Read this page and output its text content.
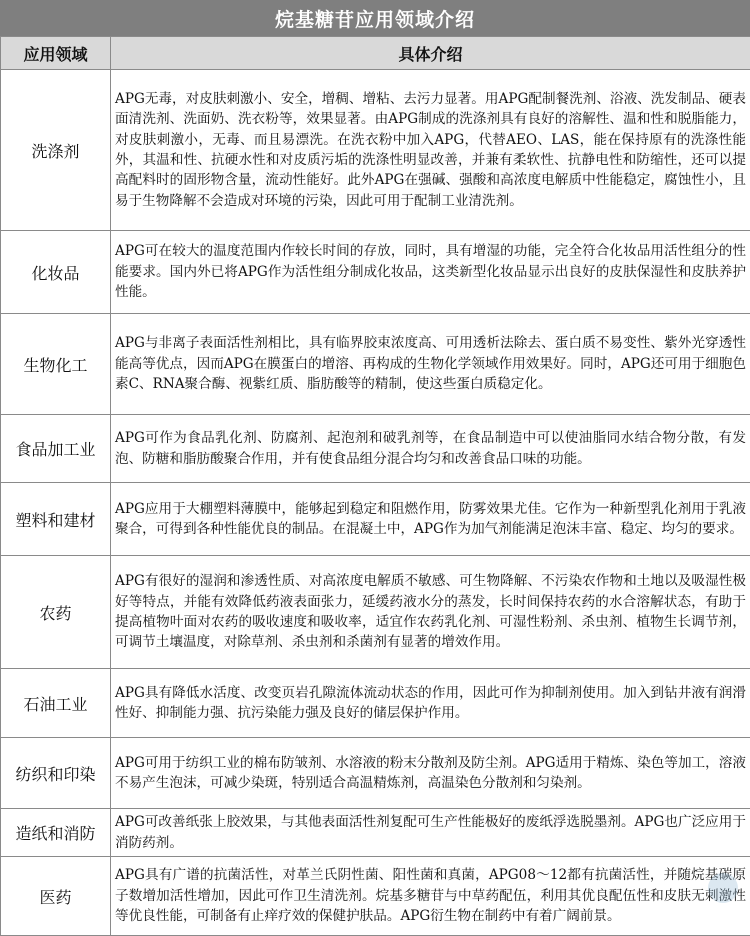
烷基糖苷应用领域介绍
应用领域	具体介绍
洗涤剂	APG无毒，对皮肤刺激小、安全，增稠、增粘、去污力显著。用APG配制餐洗剂、浴液、洗发制品、硬表面清洗剂、洗面奶、洗衣粉等，效果显著。由APG制成的洗涤剂具有良好的溶解性、温和性和脱脂能力，对皮肤刺激小，无毒、而且易漂洗。在洗衣粉中加入APG，代替AEO、LAS，能在保持原有的洗涤性能外，其温和性、抗硬水性和对皮质污垢的洗涤性明显改善，并兼有柔软性、抗静电性和防缩性，还可以提高配料时的固形物含量，流动性能好。此外APG在强碱、强酸和高浓度电解质中性能稳定，腐蚀性小，且易于生物降解不会造成对环境的污染，因此可用于配制工业清洗剂。
化妆品	APG可在较大的温度范围内作较长时间的存放，同时，具有增湿的功能，完全符合化妆品用活性组分的性能要求。国内外已将APG作为活性组分制成化妆品，这类新型化妆品显示出良好的皮肤保湿性和皮肤养护性能。
生物化工	APG与非离子表面活性剂相比，具有临界胶束浓度高、可用透析法除去、蛋白质不易变性、紫外光穿透性能高等优点，因而APG在膜蛋白的增溶、再构成的生物化学领域作用效果好。同时，APG还可用于细胞色素C、RNA聚合酶、视紫红质、脂肪酸等的精制，使这些蛋白质稳定化。
食品加工业	APG可作为食品乳化剂、防腐剂、起泡剂和破乳剂等，在食品制造中可以使油脂同水结合物分散，有发泡、防糖和脂肪酸聚合作用，并有使食品组分混合均匀和改善食品口味的功能。
塑料和建材	APG应用于大棚塑料薄膜中，能够起到稳定和阻燃作用，防雾效果尤佳。它作为一种新型乳化剂用于乳液聚合，可得到各种性能优良的制品。在混凝土中，APG作为加气剂能满足泡沫丰富、稳定、均匀的要求。
农药	APG有很好的湿润和渗透性质、对高浓度电解质不敏感、可生物降解、不污染农作物和土地以及吸湿性极好等特点，并能有效降低药液表面张力，延缓药液水分的蒸发，长时间保持农药的水合溶解状态，有助于提高植物叶面对农药的吸收速度和吸收率，适宜作农药乳化剂、可湿性粉剂、杀虫剂、植物生长调节剂，可调节土壤温度，对除草剂、杀虫剂和杀菌剂有显著的增效作用。
石油工业	APG具有降低水活度、改变页岩孔隙流体流动状态的作用，因此可作为抑制剂使用。加入到钻井液有润滑性好、抑制能力强、抗污染能力强及良好的储层保护作用。
纺织和印染	APG可用于纺织工业的棉布防皱剂、水溶液的粉末分散剂及防尘剂。APG适用于精炼、染色等加工，溶液不易产生泡沫，可减少染斑，特别适合高温精炼剂，高温染色分散剂和匀染剂。
造纸和消防	APG可改善纸张上胶效果，与其他表面活性剂复配可生产性能极好的废纸浮选脱墨剂。APG也广泛应用于消防药剂。
医药	APG具有广谱的抗菌活性，对革兰氏阴性菌、阳性菌和真菌，APG08～12都有抗菌活性，并随烷基碳原子数增加活性增加，因此可作卫生清洗剂。烷基多糖苷与中草药配伍，利用其优良配伍性和皮肤无刺激性等优良性能，可制备有止痒疗效的保健护肤品。APG衍生物在制药中有着广阔前景。
